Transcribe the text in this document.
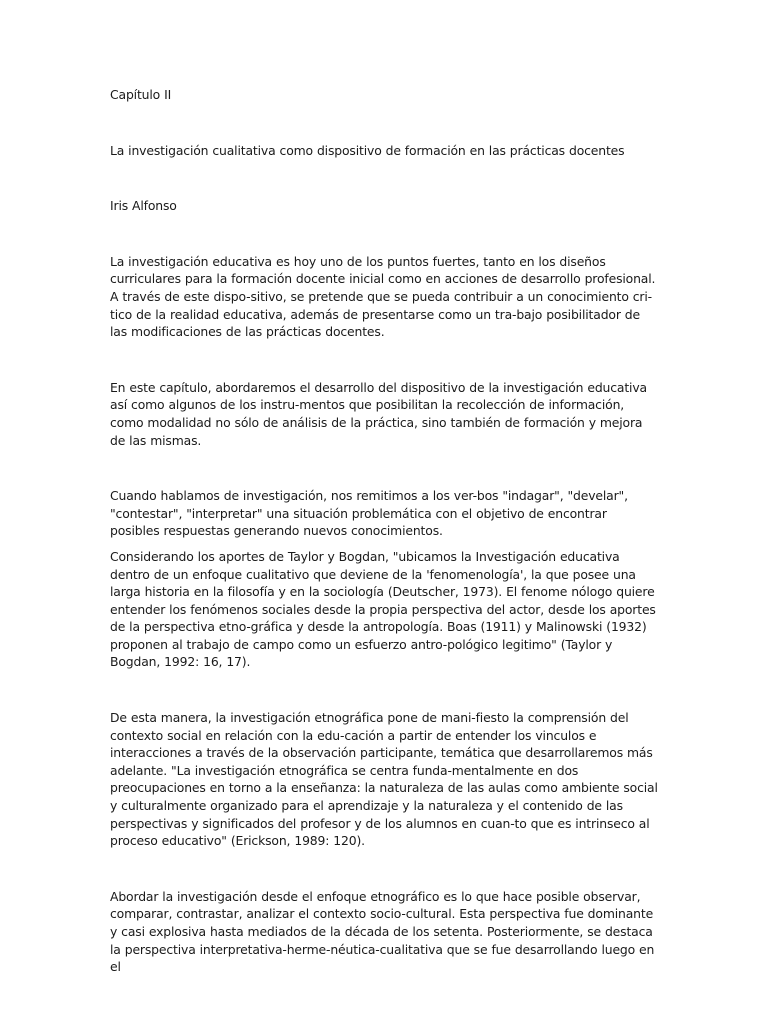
Capítulo II

La investigación cualitativa como dispositivo de formación en las prácticas docentes

Iris Alfonso

La investigación educativa es hoy uno de los puntos fuertes, tanto en los diseños curriculares para la formación docente inicial como en acciones de desarrollo profesional. A través de este dispo-sitivo, se pretende que se pueda contribuir a un conocimiento cri-tico de la realidad educativa, además de presentarse como un tra-bajo posibilitador de las modificaciones de las prácticas docentes.

En este capítulo, abordaremos el desarrollo del dispositivo de la investigación educativa así como algunos de los instru-mentos que posibilitan la recolección de información, como modalidad no sólo de análisis de la práctica, sino también de formación y mejora de las mismas.

Cuando hablamos de investigación, nos remitimos a los ver-bos "indagar", "develar", "contestar", "interpretar" una situación problemática con el objetivo de encontrar posibles respuestas generando nuevos conocimientos.

Considerando los aportes de Taylor y Bogdan, "ubicamos la Investigación educativa dentro de un enfoque cualitativo que deviene de la 'fenomenología', la que posee una larga historia en la filosofía y en la sociología (Deutscher, 1973). El fenome nólogo quiere entender los fenómenos sociales desde la propia perspectiva del actor, desde los aportes de la perspectiva etno-gráfica y desde la antropología. Boas (1911) y Malinowski (1932) proponen al trabajo de campo como un esfuerzo antro-pológico legitimo" (Taylor y Bogdan, 1992: 16, 17).

De esta manera, la investigación etnográfica pone de mani-fiesto la comprensión del contexto social en relación con la edu-cación a partir de entender los vinculos e interacciones a través de la observación participante, temática que desarrollaremos más adelante. "La investigación etnográfica se centra funda-mentalmente en dos preocupaciones en torno a la enseñanza: la naturaleza de las aulas como ambiente social y culturalmente organizado para el aprendizaje y la naturaleza y el contenido de las perspectivas y significados del profesor y de los alumnos en cuan-to que es intrinseco al proceso educativo" (Erickson, 1989: 120).

Abordar la investigación desde el enfoque etnográfico es lo que hace posible observar, comparar, contrastar, analizar el contexto socio-cultural. Esta perspectiva fue dominante y casi explosiva hasta mediados de la década de los setenta. Posteriormente, se destaca la perspectiva interpretativa-herme-néutica-cualitativa que se fue desarrollando luego en el
